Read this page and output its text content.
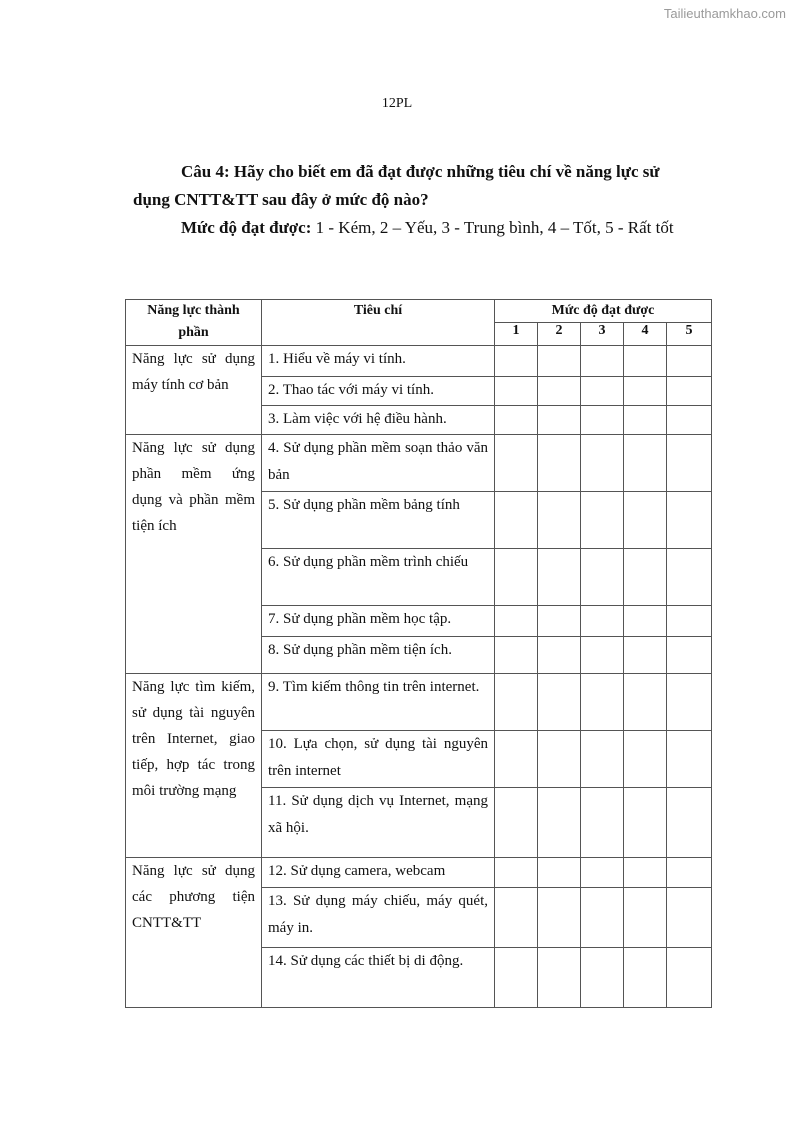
Tailieuthamkhao.com
12PL
Câu 4: Hãy cho biết em đã đạt được những tiêu chí về năng lực sử
dụng CNTT&TT sau đây ở mức độ nào?
Mức độ đạt được: 1 - Kém, 2 – Yếu, 3 - Trung bình, 4 – Tốt, 5 - Rất tốt
Năng lực thành phần	Tiêu chí	Mức độ đạt được				
		1	2	3	4	5
Năng lực sử dụng máy tính cơ bản	1. Hiểu về máy vi tính.					
	2. Thao tác với máy vi tính.					
	3. Làm việc với hệ điều hành.					
Năng lực sử dụng phần mềm ứng dụng và phần mềm tiện ích	4. Sử dụng phần mềm soạn thảo văn bản					
	5. Sử dụng phần mềm bảng tính					
	6. Sử dụng phần mềm trình chiếu					
	7. Sử dụng phần mềm học tập.					
	8. Sử dụng phần mềm tiện ích.					
Năng lực tìm kiếm, sử dụng tài nguyên trên Internet, giao tiếp, hợp tác trong môi trường mạng	9. Tìm kiếm thông tin trên internet.					
	10. Lựa chọn, sử dụng tài nguyên trên internet					
	11. Sử dụng dịch vụ Internet, mạng xã hội.					
Năng lực sử dụng các phương tiện CNTT&TT	12. Sử dụng camera, webcam					
	13. Sử dụng máy chiếu, máy quét, máy in.					
	14. Sử dụng các thiết bị di động.					
